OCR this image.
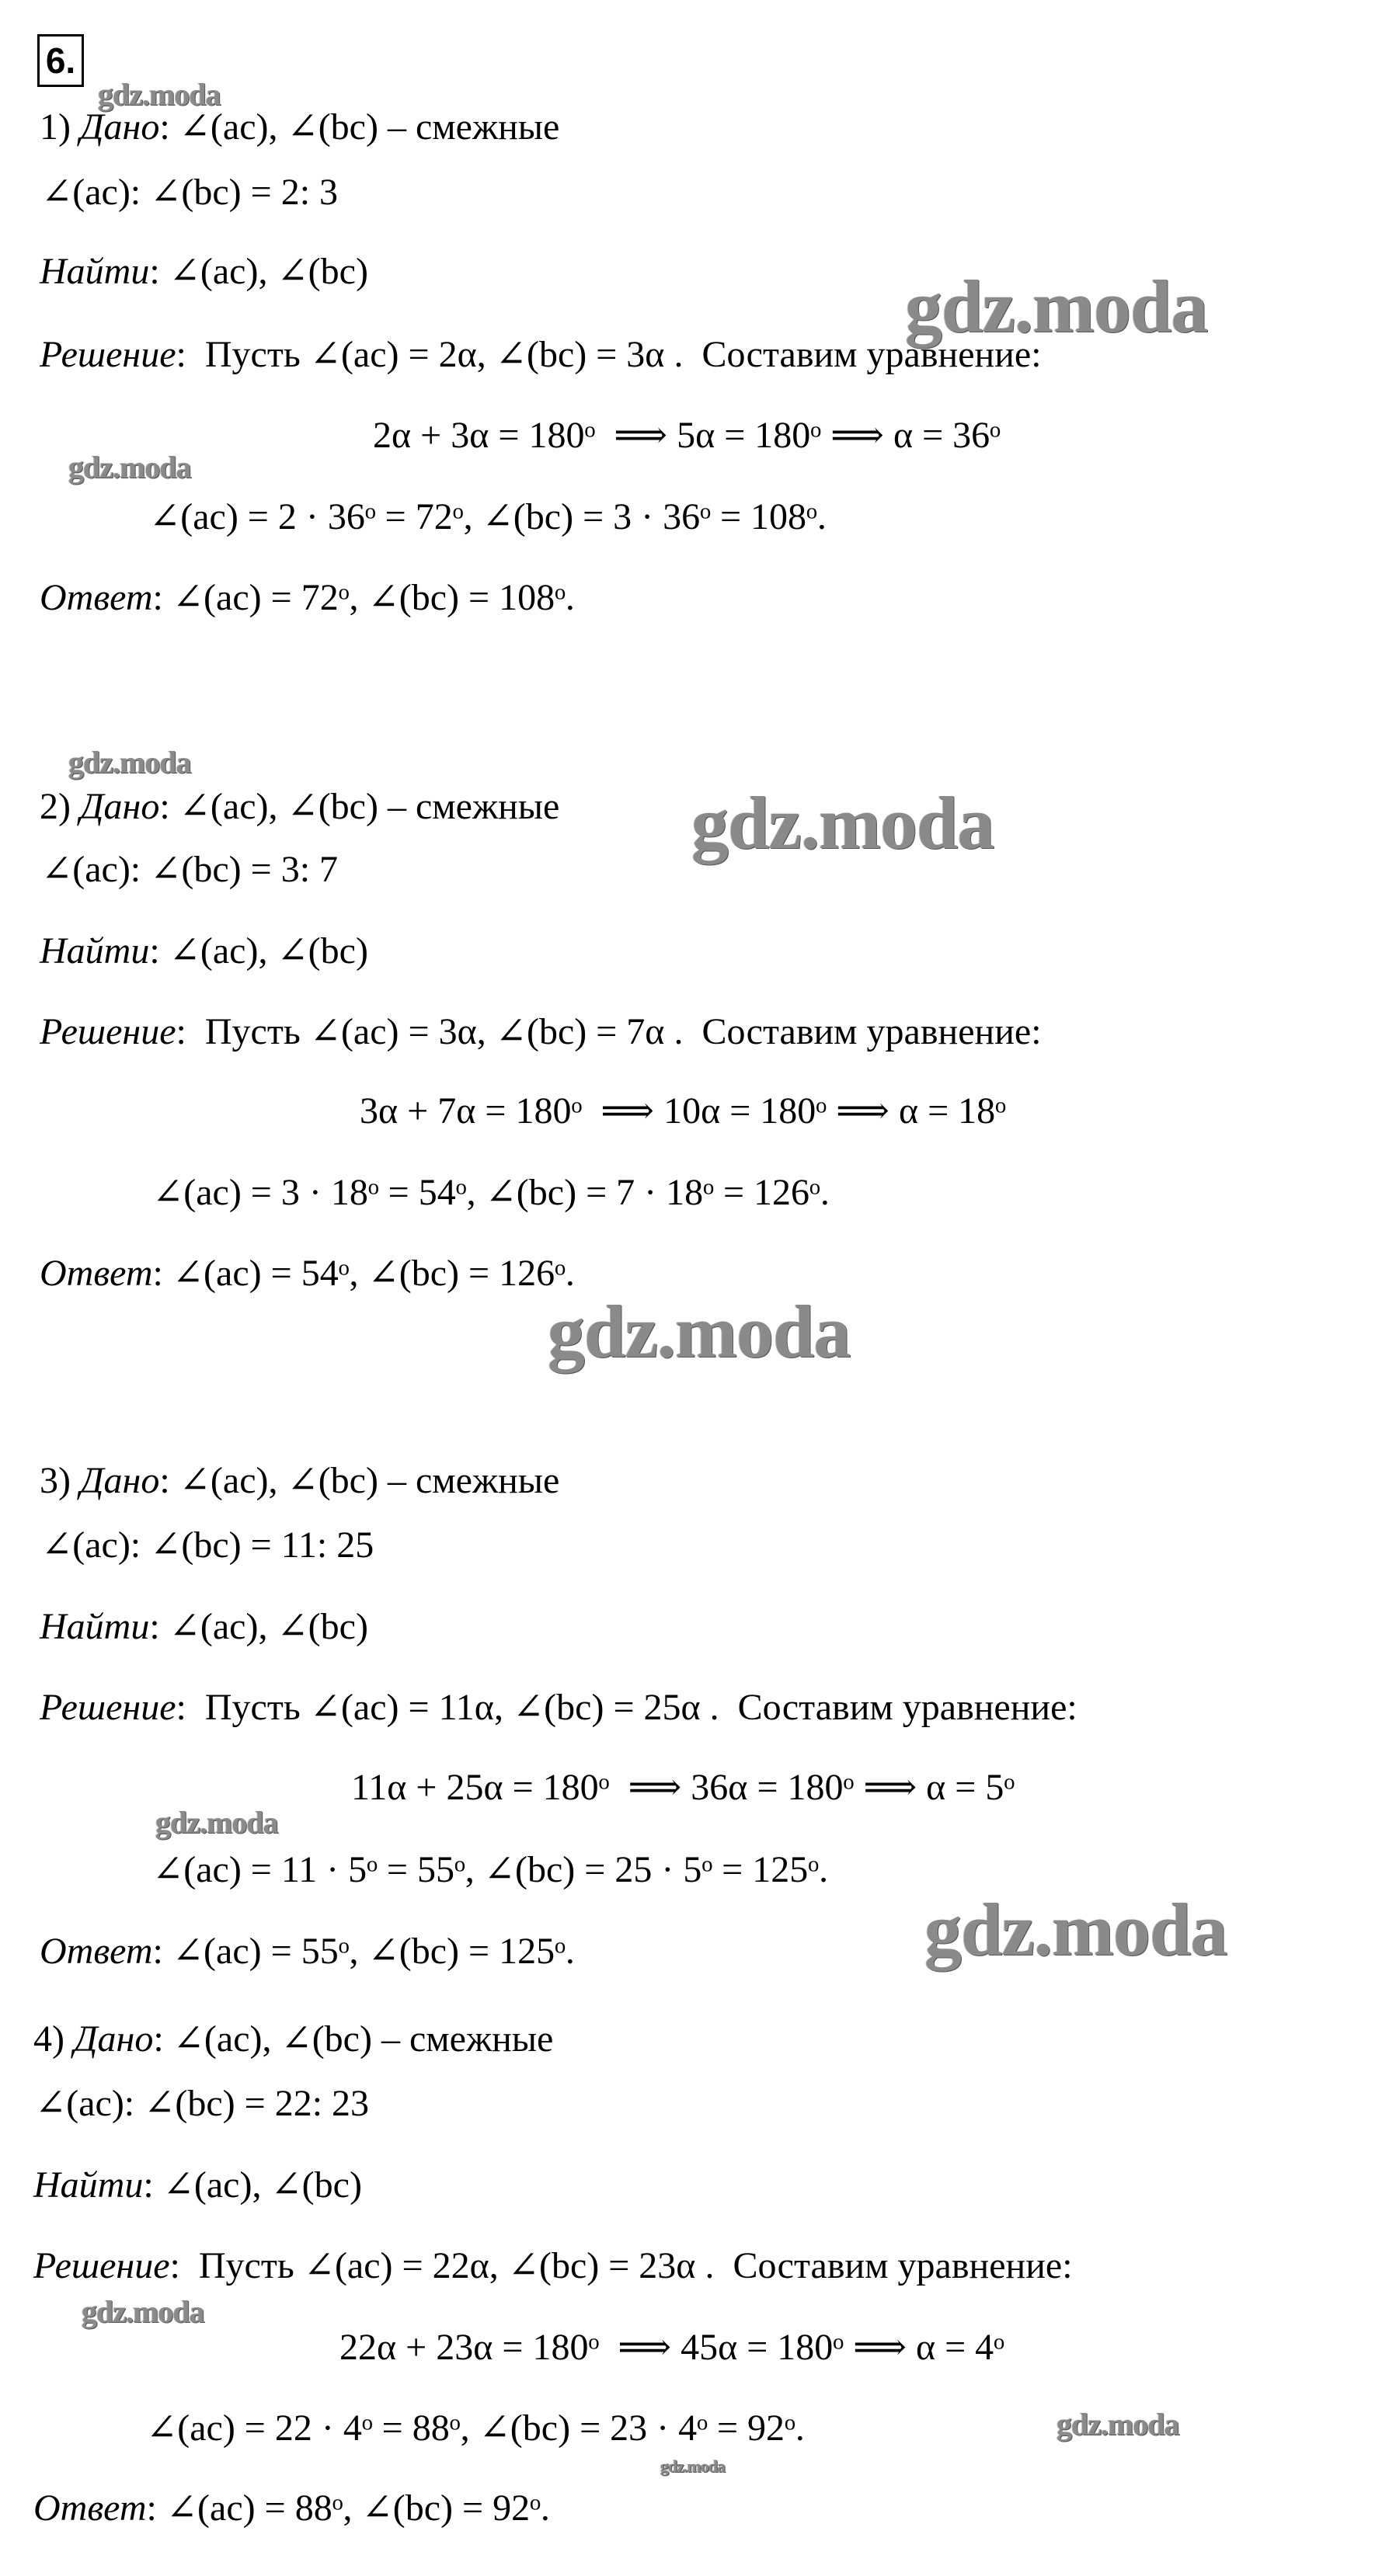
6.
1) Дано: ∠(ac), ∠(bc) – смежные
∠(ac): ∠(bc) = 2: 3
Найти: ∠(ac), ∠(bc)
Решение:  Пусть ∠(ac) = 2α, ∠(bc) = 3α .  Составим уравнение:
2α + 3α = 180ᵒ  ⟹ 5α = 180ᵒ ⟹ α = 36ᵒ
∠(ac) = 2 · 36ᵒ = 72ᵒ, ∠(bc) = 3 · 36ᵒ = 108ᵒ.
Ответ: ∠(ac) = 72ᵒ, ∠(bc) = 108ᵒ.
2) Дано: ∠(ac), ∠(bc) – смежные
∠(ac): ∠(bc) = 3: 7
Найти: ∠(ac), ∠(bc)
Решение:  Пусть ∠(ac) = 3α, ∠(bc) = 7α .  Составим уравнение:
3α + 7α = 180ᵒ  ⟹ 10α = 180ᵒ ⟹ α = 18ᵒ
∠(ac) = 3 · 18ᵒ = 54ᵒ, ∠(bc) = 7 · 18ᵒ = 126ᵒ.
Ответ: ∠(ac) = 54ᵒ, ∠(bc) = 126ᵒ.
3) Дано: ∠(ac), ∠(bc) – смежные
∠(ac): ∠(bc) = 11: 25
Найти: ∠(ac), ∠(bc)
Решение:  Пусть ∠(ac) = 11α, ∠(bc) = 25α .  Составим уравнение:
11α + 25α = 180ᵒ  ⟹ 36α = 180ᵒ ⟹ α = 5ᵒ
∠(ac) = 11 · 5ᵒ = 55ᵒ, ∠(bc) = 25 · 5ᵒ = 125ᵒ.
Ответ: ∠(ac) = 55ᵒ, ∠(bc) = 125ᵒ.
4) Дано: ∠(ac), ∠(bc) – смежные
∠(ac): ∠(bc) = 22: 23
Найти: ∠(ac), ∠(bc)
Решение:  Пусть ∠(ac) = 22α, ∠(bc) = 23α .  Составим уравнение:
22α + 23α = 180ᵒ  ⟹ 45α = 180ᵒ ⟹ α = 4ᵒ
∠(ac) = 22 · 4ᵒ = 88ᵒ, ∠(bc) = 23 · 4ᵒ = 92ᵒ.
Ответ: ∠(ac) = 88ᵒ, ∠(bc) = 92ᵒ.
gdz.moda
gdz.moda
gdz.moda
gdz.moda
gdz.moda
gdz.moda
gdz.moda
gdz.moda
gdz.moda
gdz.moda
gdz.moda
